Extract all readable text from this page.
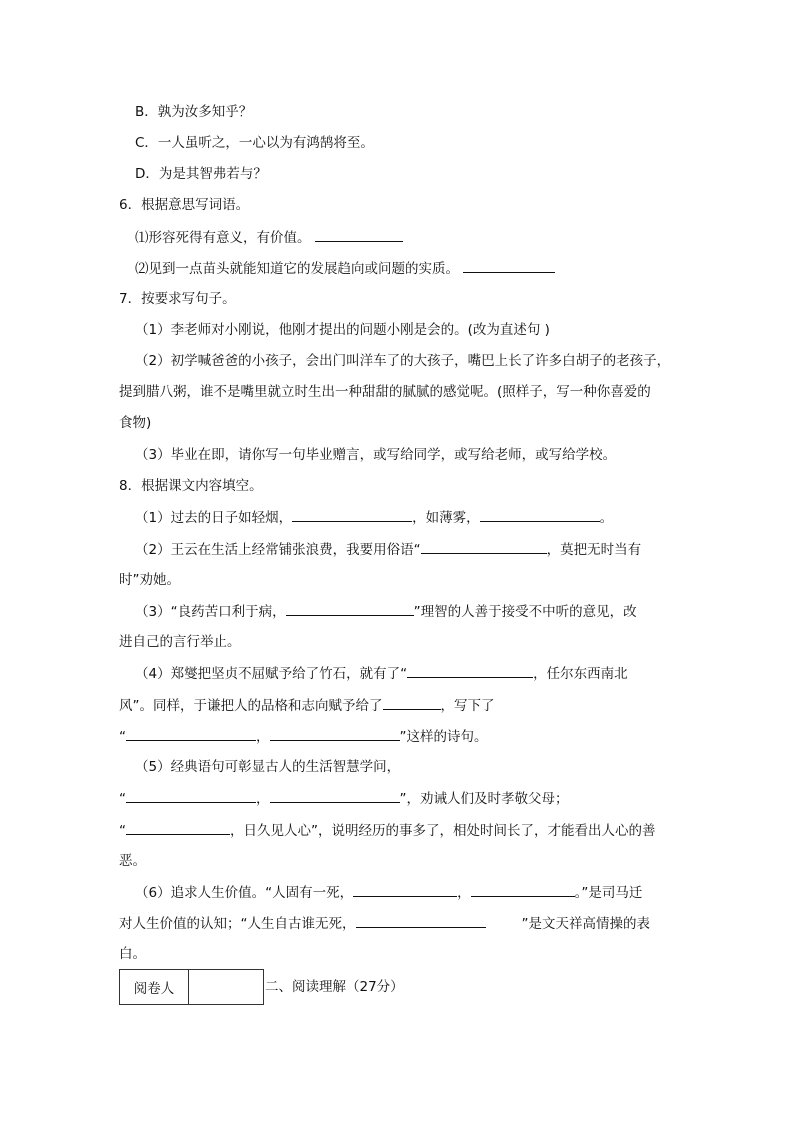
B．孰为汝多知乎？
C．一人虽听之，一心以为有鸿鹄将至。
D．为是其智弗若与？
6．根据意思写词语。
⑴形容死得有意义，有价值。
⑵见到一点苗头就能知道它的发展趋向或问题的实质。
7．按要求写句子。
（1）李老师对小刚说，他刚才提出的问题小刚是会的。(改为直述句 )
（2）初学喊爸爸的小孩子，会出门叫洋车了的大孩子，嘴巴上长了许多白胡子的老孩子，
提到腊八粥，谁不是嘴里就立时生出一种甜甜的腻腻的感觉呢。(照样子，写一种你喜爱的
食物)
（3）毕业在即，请你写一句毕业赠言，或写给同学，或写给老师，或写给学校。
8．根据课文内容填空。
（1）过去的日子如轻烟，	，如薄雾，	。
（2）王云在生活上经常铺张浪费，我要用俗语“	，莫把无时当有
时”劝她。
（3）“良药苦口利于病，	”理智的人善于接受不中听的意见，改
进自己的言行举止。
（4）郑燮把坚贞不屈赋予给了竹石，就有了“	，任尔东西南北
风”。同样，于谦把人的品格和志向赋予给了	，写下了
“	，	”这样的诗句。
（5）经典语句可彰显古人的生活智慧学问，
“	，	”，劝诫人们及时孝敬父母；
“	，日久见人心”，说明经历的事多了，相处时间长了，才能看出人心的善
恶。
（6）追求人生价值。“人固有一死，	，	。”是司马迁
对人生价值的认知；“人生自古谁无死，	”是文天祥高情操的表
白。
阅卷人	二、阅读理解（27分）
